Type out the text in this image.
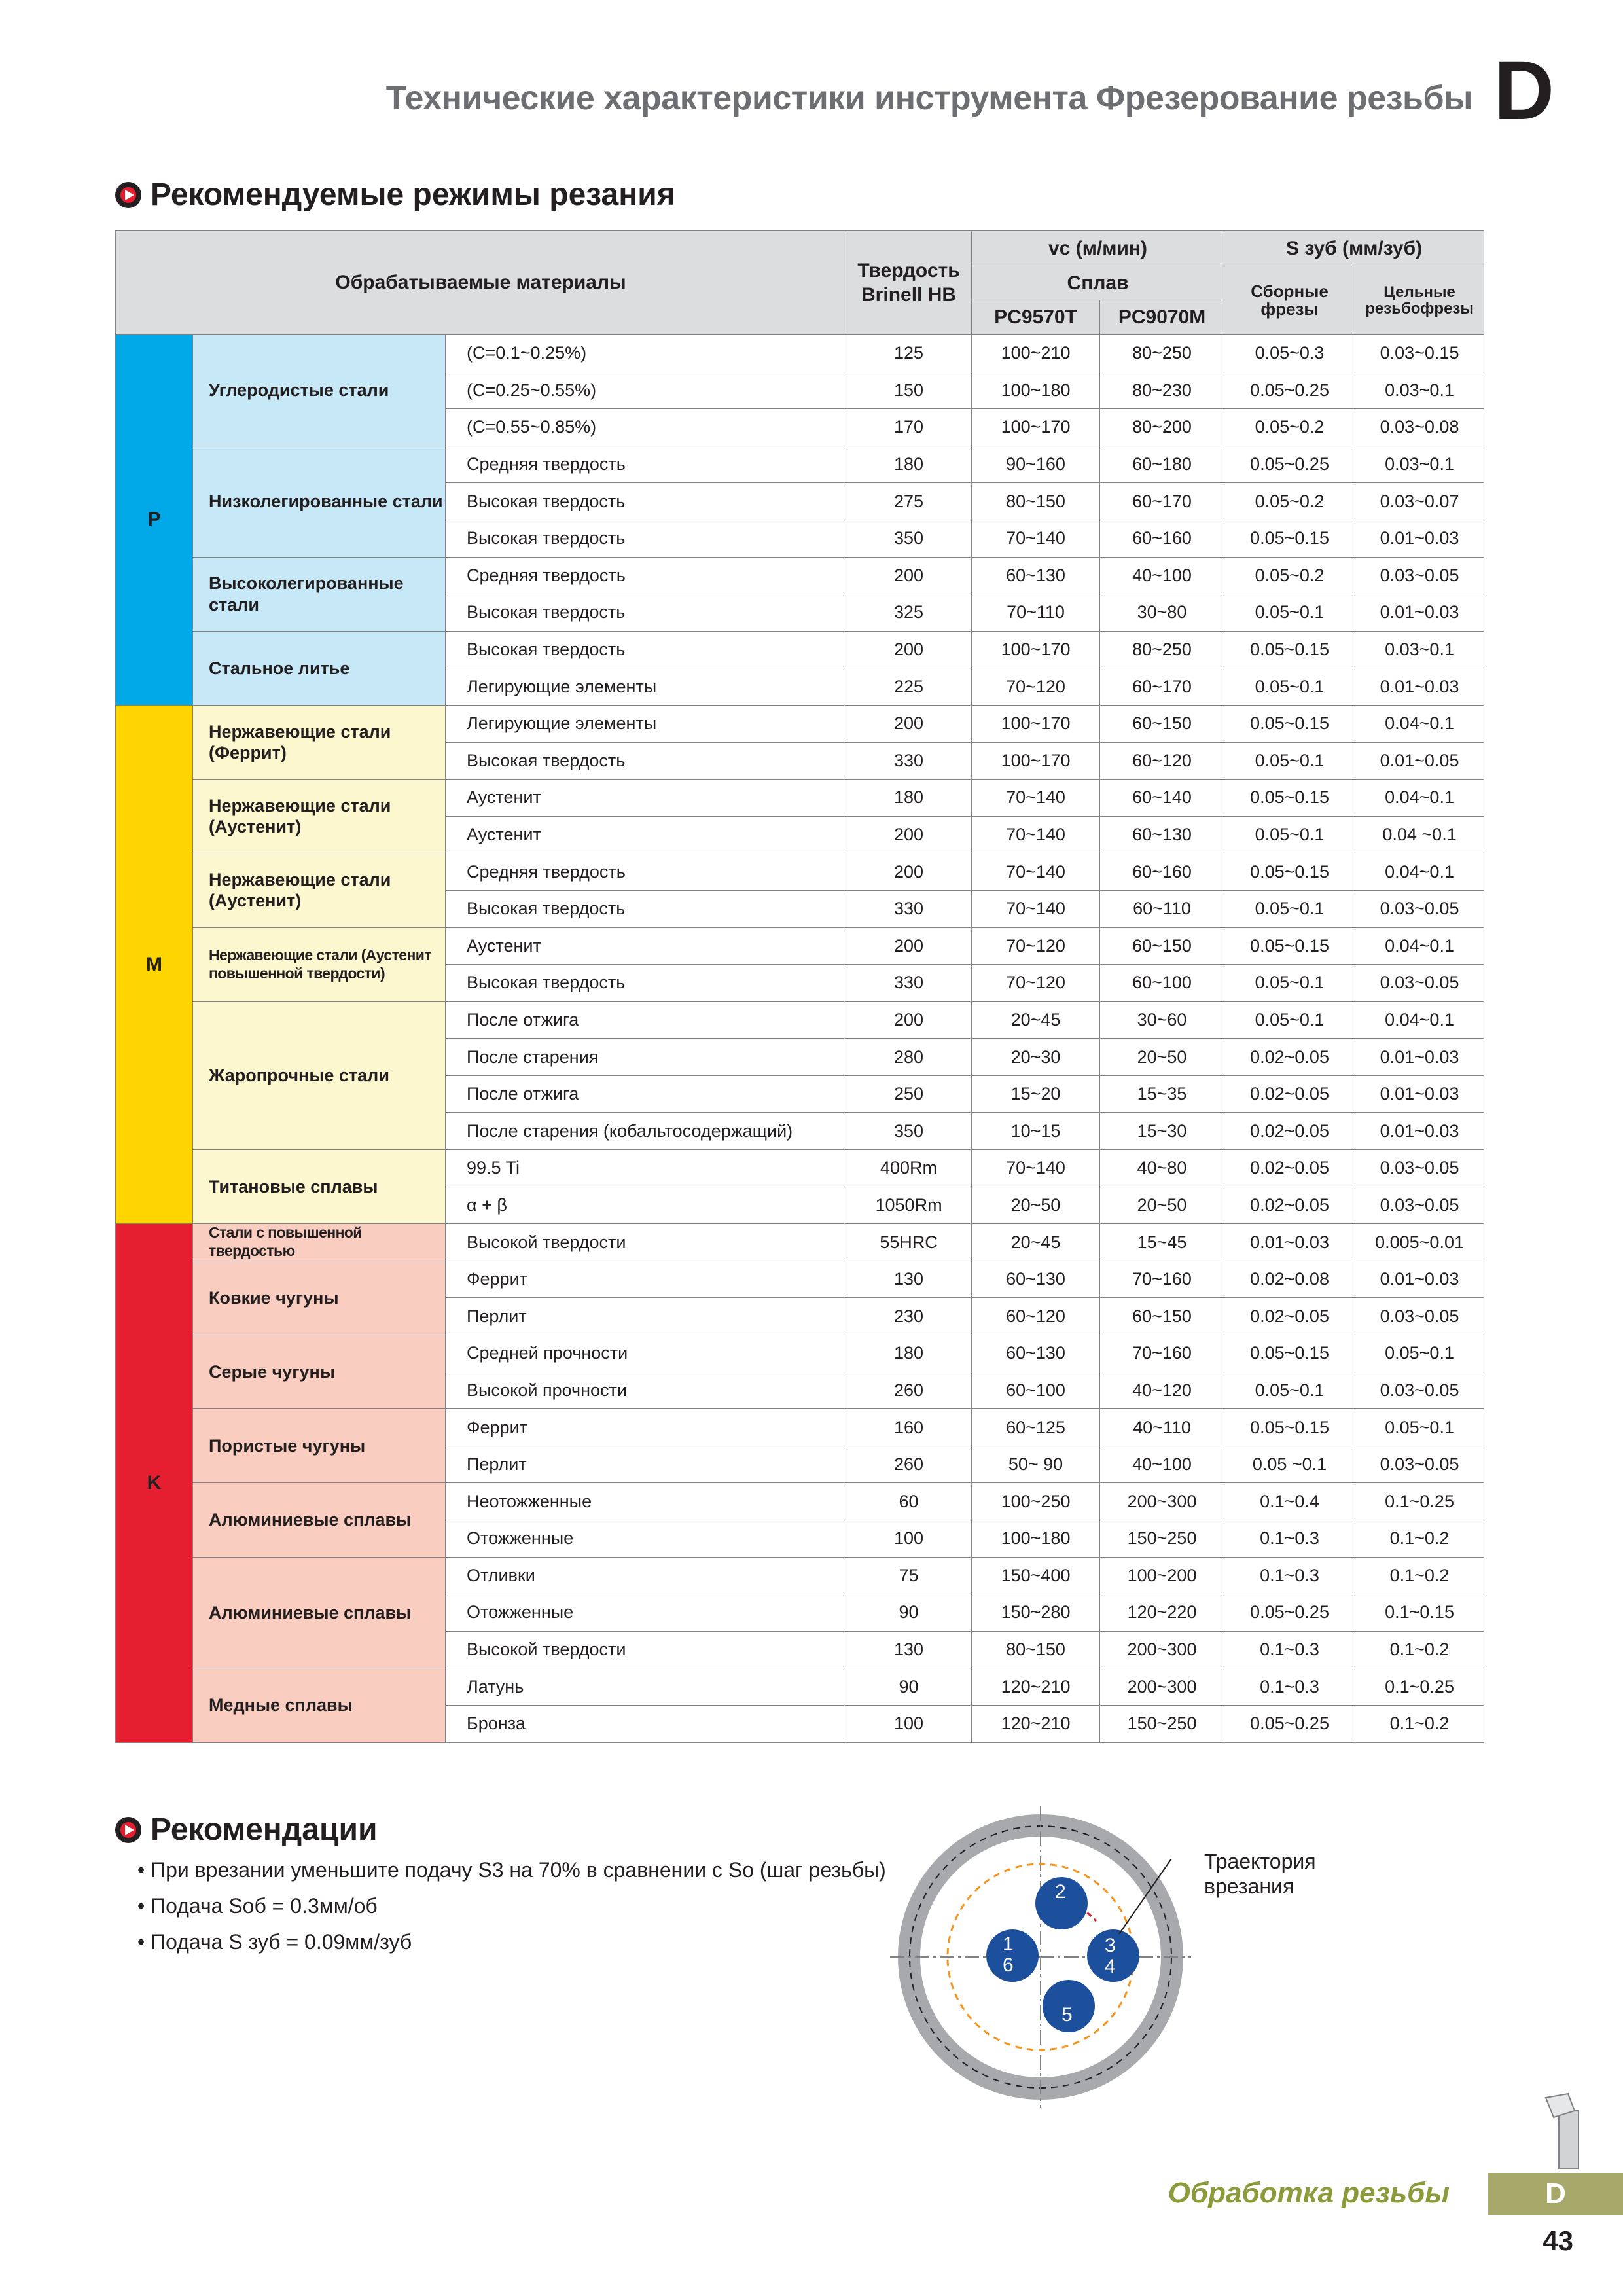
Технические характеристики инструмента Фрезерование резьбы D
Рекомендуемые режимы резания
Обрабатываемые материалы			Твердость Brinell HB	vc (м/мин)		S зуб (мм/зуб)	
				Сплав		Сборные фрезы	Цельные резьбофрезы
				PC9570T	PC9070M		
P	Углеродистые стали	(C=0.1~0.25%)	125	100~210	80~250	0.05~0.3	0.03~0.15
		(C=0.25~0.55%)	150	100~180	80~230	0.05~0.25	0.03~0.1
		(C=0.55~0.85%)	170	100~170	80~200	0.05~0.2	0.03~0.08
	Низколегированные стали	Средняя твердость	180	90~160	60~180	0.05~0.25	0.03~0.1
		Высокая твердость	275	80~150	60~170	0.05~0.2	0.03~0.07
		Высокая твердость	350	70~140	60~160	0.05~0.15	0.01~0.03
	Высоколегированные стали	Средняя твердость	200	60~130	40~100	0.05~0.2	0.03~0.05
		Высокая твердость	325	70~110	30~80	0.05~0.1	0.01~0.03
	Стальное литье	Высокая твердость	200	100~170	80~250	0.05~0.15	0.03~0.1
		Легирующие элементы	225	70~120	60~170	0.05~0.1	0.01~0.03
M	Нержавеющие стали (Феррит)	Легирующие элементы	200	100~170	60~150	0.05~0.15	0.04~0.1
		Высокая твердость	330	100~170	60~120	0.05~0.1	0.01~0.05
	Нержавеющие стали (Аустенит)	Аустенит	180	70~140	60~140	0.05~0.15	0.04~0.1
		Аустенит	200	70~140	60~130	0.05~0.1	0.04 ~0.1
	Нержавеющие стали (Аустенит)	Средняя твердость	200	70~140	60~160	0.05~0.15	0.04~0.1
		Высокая твердость	330	70~140	60~110	0.05~0.1	0.03~0.05
	Нержавеющие стали (Аустенит повышенной твердости)	Аустенит	200	70~120	60~150	0.05~0.15	0.04~0.1
		Высокая твердость	330	70~120	60~100	0.05~0.1	0.03~0.05
	Жаропрочные стали	После отжига	200	20~45	30~60	0.05~0.1	0.04~0.1
		После старения	280	20~30	20~50	0.02~0.05	0.01~0.03
		После отжига	250	15~20	15~35	0.02~0.05	0.01~0.03
		После старения (кобальтосодержащий)	350	10~15	15~30	0.02~0.05	0.01~0.03
	Титановые сплавы	99.5 Ti	400Rm	70~140	40~80	0.02~0.05	0.03~0.05
		α + β	1050Rm	20~50	20~50	0.02~0.05	0.03~0.05
K	Стали с повышенной твердостью	Высокой твердости	55HRC	20~45	15~45	0.01~0.03	0.005~0.01
	Ковкие чугуны	Феррит	130	60~130	70~160	0.02~0.08	0.01~0.03
		Перлит	230	60~120	60~150	0.02~0.05	0.03~0.05
	Серые чугуны	Средней прочности	180	60~130	70~160	0.05~0.15	0.05~0.1
		Высокой прочности	260	60~100	40~120	0.05~0.1	0.03~0.05
	Пористые чугуны	Феррит	160	60~125	40~110	0.05~0.15	0.05~0.1
		Перлит	260	50~ 90	40~100	0.05 ~0.1	0.03~0.05
	Алюминиевые сплавы	Неотожженные	60	100~250	200~300	0.1~0.4	0.1~0.25
		Отожженные	100	100~180	150~250	0.1~0.3	0.1~0.2
	Алюминиевые сплавы	Отливки	75	150~400	100~200	0.1~0.3	0.1~0.2
		Отожженные	90	150~280	120~220	0.05~0.25	0.1~0.15
		Высокой твердости	130	80~150	200~300	0.1~0.3	0.1~0.2
	Медные сплавы	Латунь	90	120~210	200~300	0.1~0.3	0.1~0.25
		Бронза	100	120~210	150~250	0.05~0.25	0.1~0.2
Рекомендации
• При врезании уменьшите подачу S3 на 70% в сравнении с So (шаг резьбы)
• Подача Sоб = 0.3мм/об
• Подача S зуб = 0.09мм/зуб	1
2
3
4
5
6
Траектория врезания
Обработка резьбы	D
43
